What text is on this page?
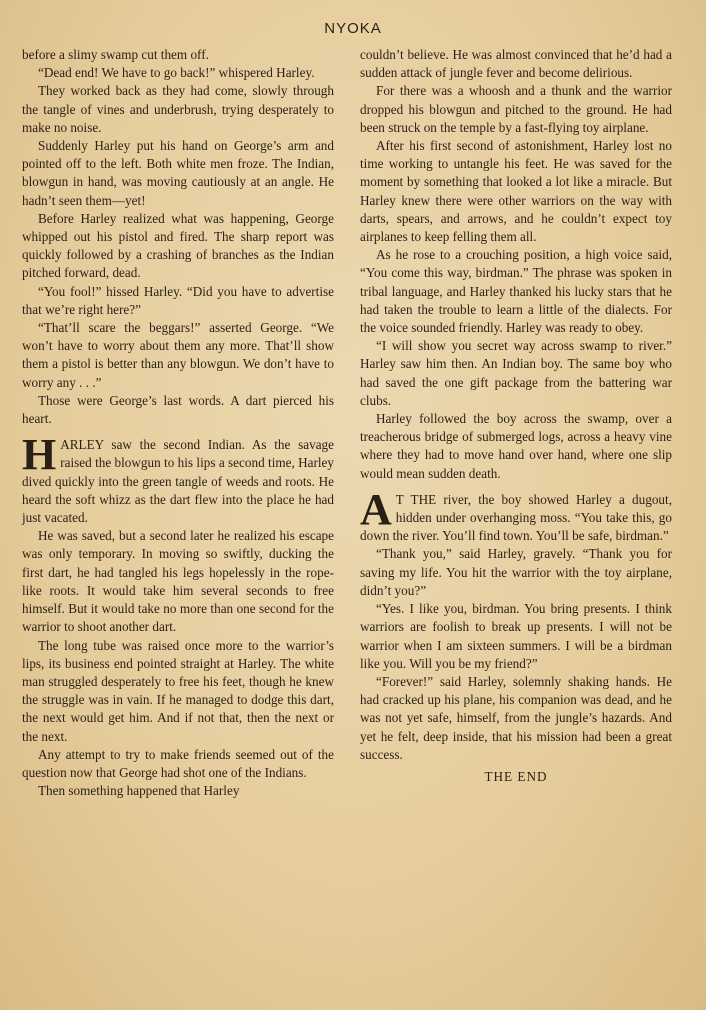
NYOKA

before a slimy swamp cut them off.

“Dead end! We have to go back!” whispered Harley.

They worked back as they had come, slowly through the tangle of vines and underbrush, trying desperately to make no noise.

Suddenly Harley put his hand on George’s arm and pointed off to the left. Both white men froze. The Indian, blowgun in hand, was moving cautiously at an angle. He hadn’t seen them—yet!

Before Harley realized what was happening, George whipped out his pistol and fired. The sharp report was quickly followed by a crashing of branches as the Indian pitched forward, dead.

“You fool!” hissed Harley. “Did you have to advertise that we’re right here?”

“That’ll scare the beggars!” asserted George. “We won’t have to worry about them any more. That’ll show them a pistol is better than any blowgun. We don’t have to worry any . . .”

Those were George’s last words. A dart pierced his heart.

HARLEY saw the second Indian. As the savage raised the blowgun to his lips a second time, Harley dived quickly into the green tangle of weeds and roots. He heard the soft whizz as the dart flew into the place he had just vacated.

He was saved, but a second later he realized his escape was only temporary. In moving so swiftly, ducking the first dart, he had tangled his legs hopelessly in the rope-like roots. It would take him several seconds to free himself. But it would take no more than one second for the warrior to shoot another dart.

The long tube was raised once more to the warrior’s lips, its business end pointed straight at Harley. The white man struggled desperately to free his feet, though he knew the struggle was in vain. If he managed to dodge this dart, the next would get him. And if not that, then the next or the next.

Any attempt to try to make friends seemed out of the question now that George had shot one of the Indians.

Then something happened that Harley

couldn’t believe. He was almost convinced that he’d had a sudden attack of jungle fever and become delirious.

For there was a whoosh and a thunk and the warrior dropped his blowgun and pitched to the ground. He had been struck on the temple by a fast-flying toy airplane.

After his first second of astonishment, Harley lost no time working to untangle his feet. He was saved for the moment by something that looked a lot like a miracle. But Harley knew there were other warriors on the way with darts, spears, and arrows, and he couldn’t expect toy airplanes to keep felling them all.

As he rose to a crouching position, a high voice said, “You come this way, birdman.” The phrase was spoken in tribal language, and Harley thanked his lucky stars that he had taken the trouble to learn a little of the dialects. For the voice sounded friendly. Harley was ready to obey.

“I will show you secret way across swamp to river.” Harley saw him then. An Indian boy. The same boy who had saved the one gift package from the battering war clubs.

Harley followed the boy across the swamp, over a treacherous bridge of submerged logs, across a heavy vine where they had to move hand over hand, where one slip would mean sudden death.

A T THE river, the boy showed Harley a dugout, hidden under overhanging moss. “You take this, go down the river. You’ll find town. You’ll be safe, birdman.”

“Thank you,” said Harley, gravely. “Thank you for saving my life. You hit the warrior with the toy airplane, didn’t you?”

“Yes. I like you, birdman. You bring presents. I think warriors are foolish to break up presents. I will not be warrior when I am sixteen summers. I will be a birdman like you. Will you be my friend?”

“Forever!” said Harley, solemnly shaking hands. He had cracked up his plane, his companion was dead, and he was not yet safe, himself, from the jungle’s hazards. And yet he felt, deep inside, that his mission had been a great success.

THE END
